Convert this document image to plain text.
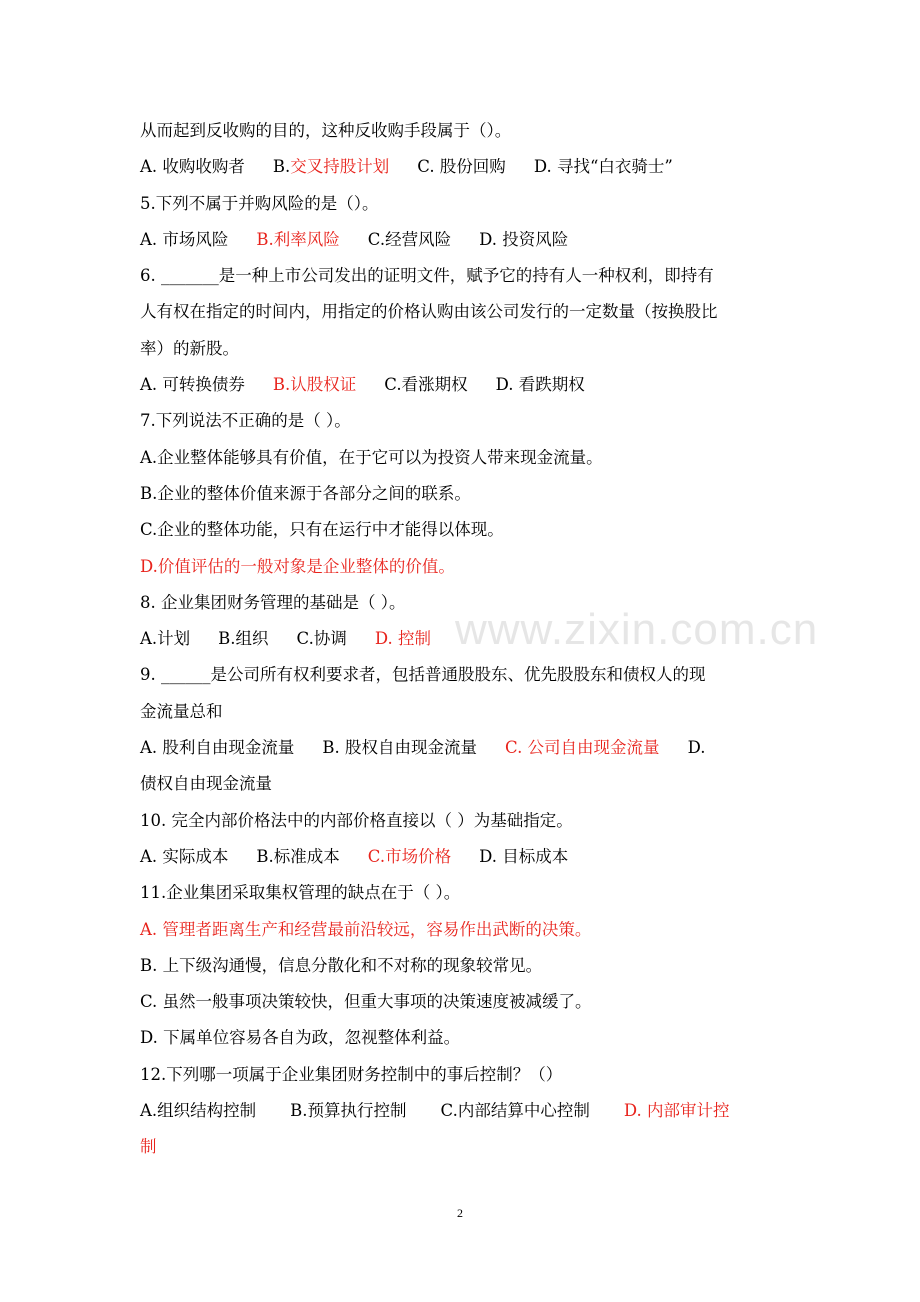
从而起到反收购的目的，这种反收购手段属于（）。
A. 收购收购者 B.交叉持股计划 C. 股份回购 D. 寻找“白衣骑士”
5.下列不属于并购风险的是（）。
A. 市场风险 B.利率风险 C.经营风险 D. 投资风险
6. _______是一种上市公司发出的证明文件，赋予它的持有人一种权利，即持有
人有权在指定的时间内，用指定的价格认购由该公司发行的一定数量（按换股比
率）的新股。
A. 可转换债券 B.认股权证 C.看涨期权 D. 看跌期权
7.下列说法不正确的是（ ）。
A.企业整体能够具有价值，在于它可以为投资人带来现金流量。
B.企业的整体价值来源于各部分之间的联系。
C.企业的整体功能，只有在运行中才能得以体现。
D.价值评估的一般对象是企业整体的价值。
8. 企业集团财务管理的基础是（ ）。
A.计划 B.组织 C.协调 D. 控制
9. ______是公司所有权利要求者，包括普通股股东、优先股股东和债权人的现
金流量总和
A. 股利自由现金流量 B. 股权自由现金流量 C. 公司自由现金流量 D.
债权自由现金流量
10. 完全内部价格法中的内部价格直接以（ ）为基础指定。
A. 实际成本 B.标准成本 C.市场价格 D. 目标成本
11.企业集团采取集权管理的缺点在于（ ）。
A. 管理者距离生产和经营最前沿较远，容易作出武断的决策。
B. 上下级沟通慢，信息分散化和不对称的现象较常见。
C. 虽然一般事项决策较快，但重大事项的决策速度被减缓了。
D. 下属单位容易各自为政，忽视整体利益。
12.下列哪一项属于企业集团财务控制中的事后控制？（）
A.组织结构控制 B.预算执行控制 C.内部结算中心控制 D. 内部审计控
制
www.zixin.com.cn
2
